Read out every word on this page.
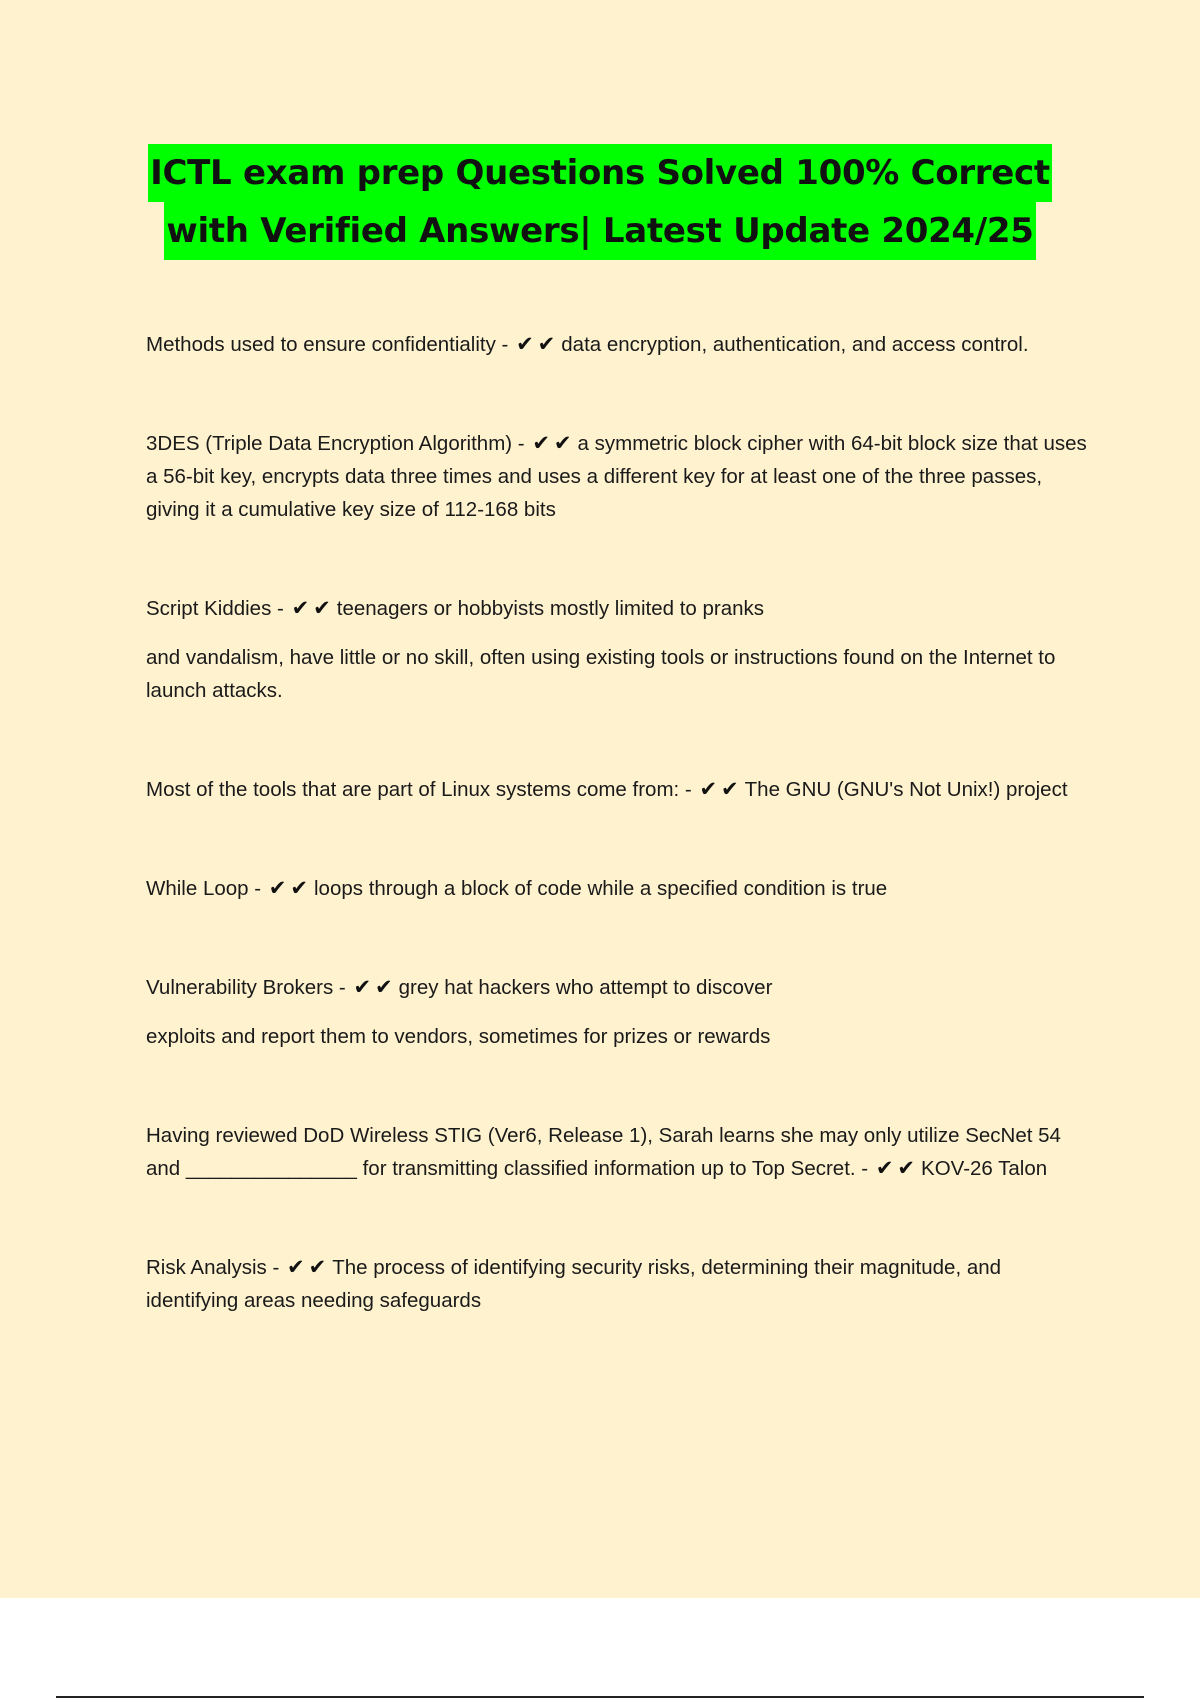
ICTL exam prep Questions Solved 100% Correct
with Verified Answers| Latest Update 2024/25

Methods used to ensure confidentiality - ✔✔data encryption, authentication, and access control.

3DES (Triple Data Encryption Algorithm) - ✔✔a symmetric block cipher with 64-bit block size that uses a 56-bit key, encrypts data three times and uses a different key for at least one of the three passes, giving it a cumulative key size of 112-168 bits

Script Kiddies - ✔✔teenagers or hobbyists mostly limited to pranks
and vandalism, have little or no skill, often using existing tools or instructions found on the Internet to launch attacks.

Most of the tools that are part of Linux systems come from: - ✔✔The GNU (GNU's Not Unix!) project

While Loop - ✔✔loops through a block of code while a specified condition is true

Vulnerability Brokers - ✔✔grey hat hackers who attempt to discover
exploits and report them to vendors, sometimes for prizes or rewards

Having reviewed DoD Wireless STIG (Ver6, Release 1), Sarah learns she may only utilize SecNet 54 and _______________ for transmitting classified information up to Top Secret. - ✔✔KOV-26 Talon

Risk Analysis - ✔✔The process of identifying security risks, determining their magnitude, and identifying areas needing safeguards
